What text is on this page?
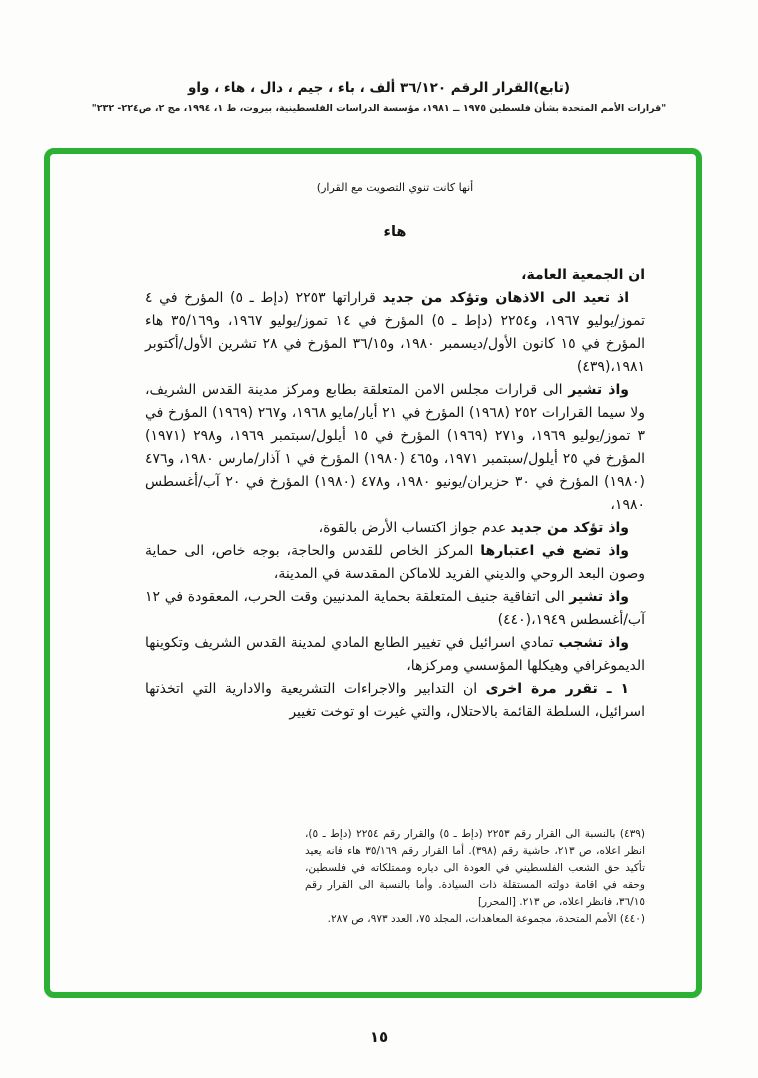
(تابع)القرار الرقم ٣٦/١٢٠ ألف ، باء ، جيم ، دال ، هاء ، واو
"قرارات الأمم المتحدة بشأن فلسطين ١٩٧٥ ــ ١٩٨١، مؤسسة الدراسات الفلسطينية، بيروت، ط ١، ١٩٩٤، مج ٢، ص٢٢٤- ٢٣٢"
أنها كانت تنوي التصويت مع القرار)
هاء

ان الجمعية العامة،

اذ تعيد الى الاذهان وتؤكد من جديد قراراتها ٢٢٥٣ (دإط ـ ٥) المؤرخ في ٤ تموز/يوليو ١٩٦٧، و٢٢٥٤ (دإط ـ ٥) المؤرخ في ١٤ تموز/يوليو ١٩٦٧، و٣٥/١٦٩ هاء المؤرخ في ١٥ كانون الأول/ديسمبر ١٩٨٠، و٣٦/١٥ المؤرخ في ٢٨ تشرين الأول/أكتوبر ١٩٨١،(٤٣٩)

واذ تشير الى قرارات مجلس الامن المتعلقة بطابع ومركز مدينة القدس الشريف، ولا سيما القرارات ٢٥٢ (١٩٦٨) المؤرخ في ٢١ أيار/مايو ١٩٦٨، و٢٦٧ (١٩٦٩) المؤرخ في ٣ تموز/يوليو ١٩٦٩، و٢٧١ (١٩٦٩) المؤرخ في ١٥ أيلول/سبتمبر ١٩٦٩، و٢٩٨ (١٩٧١) المؤرخ في ٢٥ أيلول/سبتمبر ١٩٧١، و٤٦٥ (١٩٨٠) المؤرخ في ١ آذار/مارس ١٩٨٠، و٤٧٦ (١٩٨٠) المؤرخ في ٣٠ حزيران/يونيو ١٩٨٠، و٤٧٨ (١٩٨٠) المؤرخ في ٢٠ آب/أغسطس ١٩٨٠،

واذ تؤكد من جديد عدم جواز اكتساب الأرض بالقوة،

واذ تضع في اعتبارها المركز الخاص للقدس والحاجة، بوجه خاص، الى حماية وصون البعد الروحي والديني الفريد للاماكن المقدسة في المدينة،

واذ تشير الى اتفاقية جنيف المتعلقة بحماية المدنيين وقت الحرب، المعقودة في ١٢ آب/أغسطس ١٩٤٩،(٤٤٠)

واذ تشجب تمادي اسرائيل في تغيير الطابع المادي لمدينة القدس الشريف وتكوينها الديموغرافي وهيكلها المؤسسي ومركزها،

١ ـ تقرر مرة اخرى ان التدابير والاجراءات التشريعية والادارية التي اتخذتها اسرائيل، السلطة القائمة بالاحتلال، والتي غيرت او توخت تغيير

(٤٣٩) بالنسبة الى القرار رقم ٢٢٥٣ (دإط ـ ٥) والقرار رقم ٢٢٥٤ (دإط ـ ٥)، انظر اعلاه، ص ٢١٣، حاشية رقم (٣٩٨). أما القرار رقم ٣٥/١٦٩ هاء فانه يعيد تأكيد حق الشعب الفلسطيني في العودة الى دياره وممتلكاته في فلسطين، وحقه في اقامة دولته المستقلة ذات السيادة. وأما بالنسبة الى القرار رقم ٣٦/١٥، فانظر اعلاه، ص ٢١٣. [المحرر]

(٤٤٠) الأمم المتحدة، مجموعة المعاهدات، المجلد ٧٥، العدد ٩٧٣، ص ٢٨٧.

١٥
